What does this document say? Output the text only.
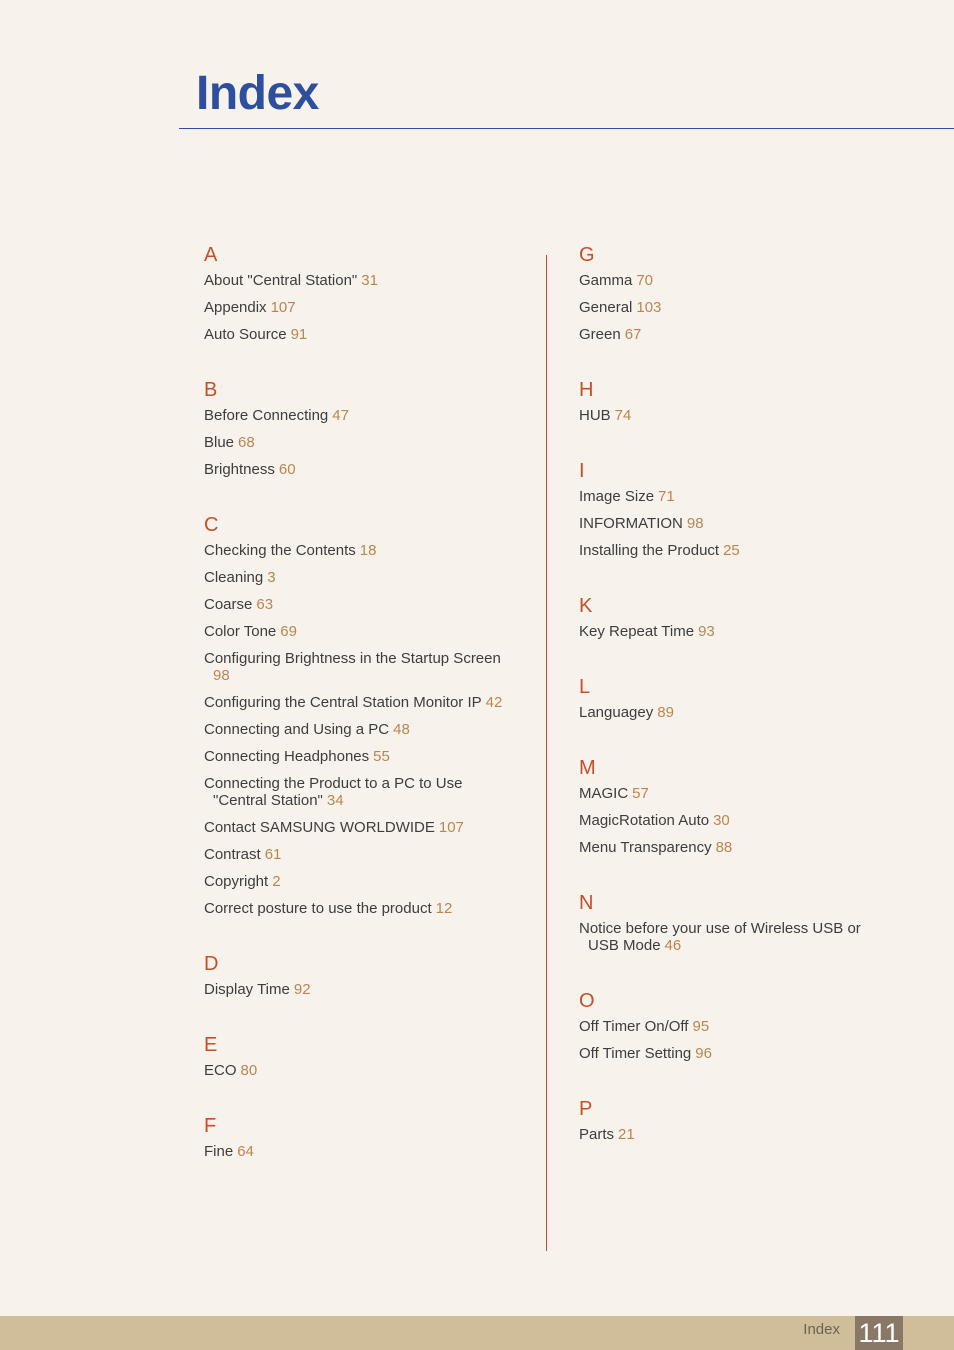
Index
A
About "Central Station" 31
Appendix 107
Auto Source 91
B
Before Connecting 47
Blue 68
Brightness 60
C
Checking the Contents 18
Cleaning 3
Coarse 63
Color Tone 69
Configuring Brightness in the Startup Screen
98
Configuring the Central Station Monitor IP 42
Connecting and Using a PC 48
Connecting Headphones 55
Connecting the Product to a PC to Use
"Central Station" 34
Contact SAMSUNG WORLDWIDE 107
Contrast 61
Copyright 2
Correct posture to use the product 12
D
Display Time 92
E
ECO 80
F
Fine 64
G
Gamma 70
General 103
Green 67
H
HUB 74
I
Image Size 71
INFORMATION 98
Installing the Product 25
K
Key Repeat Time 93
L
Languagey 89
M
MAGIC 57
MagicRotation Auto 30
Menu Transparency 88
N
Notice before your use of Wireless USB or
USB Mode 46
O
Off Timer On/Off 95
Off Timer Setting 96
P
Parts 21
Index 111
